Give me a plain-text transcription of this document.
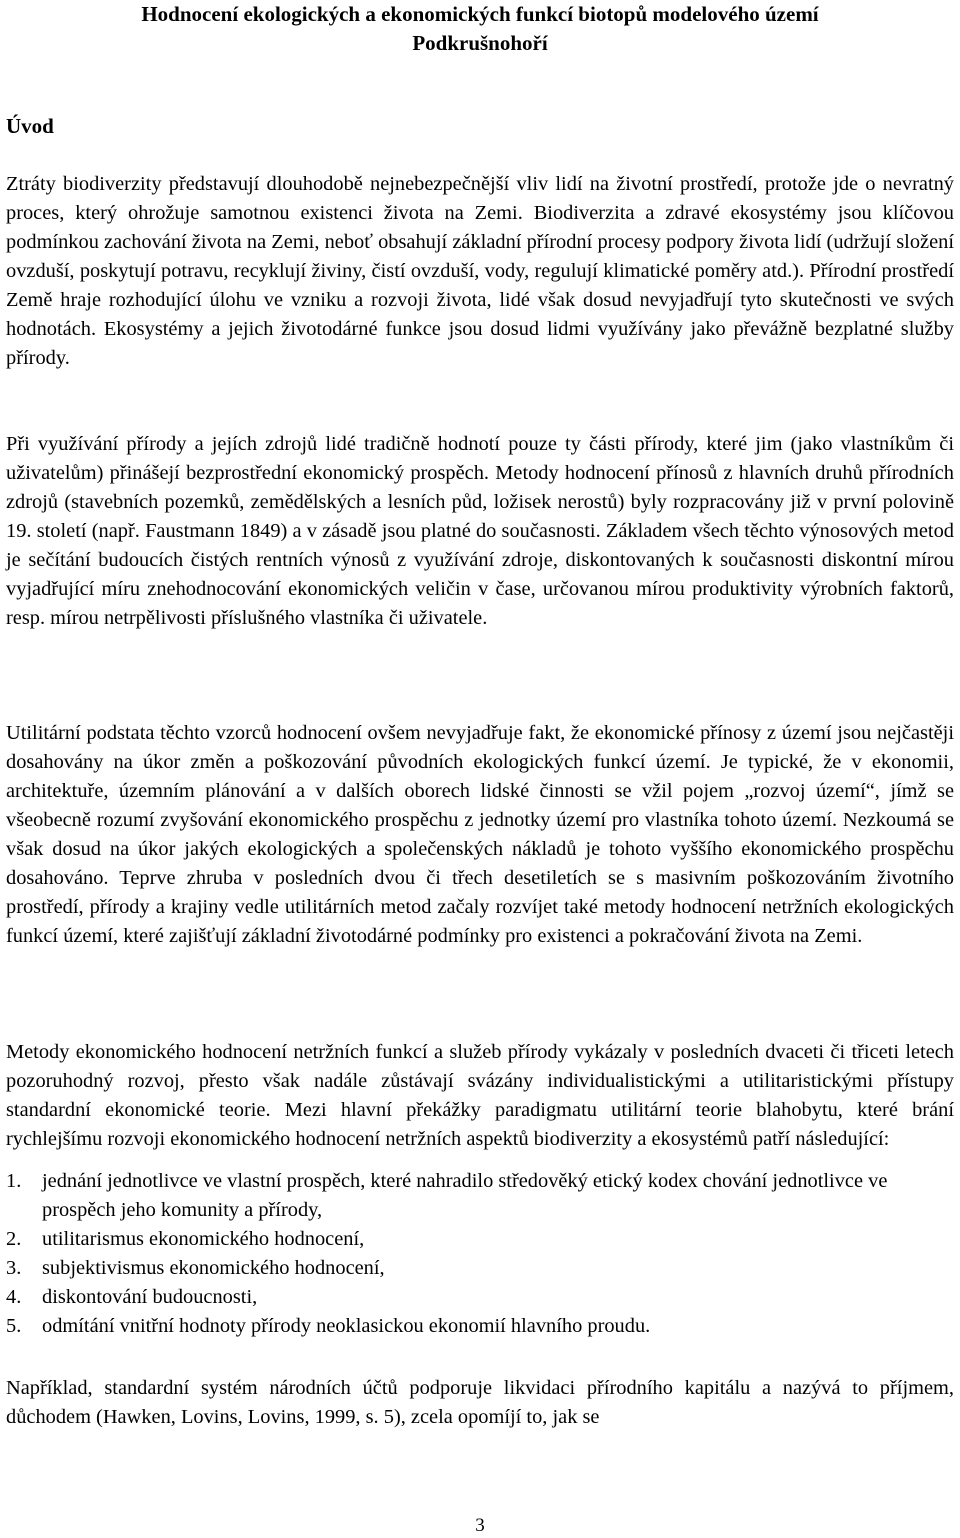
Hodnocení ekologických a ekonomických funkcí biotopů modelového území
Podkrušnohoří
Úvod

Ztráty biodiverzity představují dlouhodobě nejnebezpečnější vliv lidí na životní prostředí, protože jde o nevratný proces, který ohrožuje samotnou existenci života na Zemi. Biodiverzita a zdravé ekosystémy jsou klíčovou podmínkou zachování života na Zemi, neboť obsahují základní přírodní procesy podpory života lidí (udržují složení ovzduší, poskytují potravu, recyklují živiny, čistí ovzduší, vody, regulují klimatické poměry atd.). Přírodní prostředí Země hraje rozhodující úlohu ve vzniku a rozvoji života, lidé však dosud nevyjadřují tyto skutečnosti ve svých hodnotách. Ekosystémy a jejich životodárné funkce jsou dosud lidmi využívány jako převážně bezplatné služby přírody.

Při využívání přírody a jejích zdrojů lidé tradičně hodnotí pouze ty části přírody, které jim (jako vlastníkům či uživatelům) přinášejí bezprostřední ekonomický prospěch. Metody hodnocení přínosů z hlavních druhů přírodních zdrojů (stavebních pozemků, zemědělských a lesních půd, ložisek nerostů) byly rozpracovány již v první polovině 19. století (např. Faustmann 1849) a v zásadě jsou platné do současnosti. Základem všech těchto výnosových metod je sečítání budoucích čistých rentních výnosů z využívání zdroje, diskontovaných k současnosti diskontní mírou vyjadřující míru znehodnocování ekonomických veličin v čase, určovanou mírou produktivity výrobních faktorů, resp. mírou netrpělivosti příslušného vlastníka či uživatele.

Utilitární podstata těchto vzorců hodnocení ovšem nevyjadřuje fakt, že ekonomické přínosy z území jsou nejčastěji dosahovány na úkor změn a poškozování původních ekologických funkcí území. Je typické, že v ekonomii, architektuře, územním plánování a v dalších oborech lidské činnosti se vžil pojem „rozvoj území“, jímž se všeobecně rozumí zvyšování ekonomického prospěchu z jednotky území pro vlastníka tohoto území. Nezkoumá se však dosud na úkor jakých ekologických a společenských nákladů je tohoto vyššího ekonomického prospěchu dosahováno. Teprve zhruba v posledních dvou či třech desetiletích se s masivním poškozováním životního prostředí, přírody a krajiny vedle utilitárních metod začaly rozvíjet také metody hodnocení netržních ekologických funkcí území, které zajišťují základní životodárné podmínky pro existenci a pokračování života na Zemi.

Metody ekonomického hodnocení netržních funkcí a služeb přírody vykázaly v posledních dvaceti či třiceti letech pozoruhodný rozvoj, přesto však nadále zůstávají svázány individualistickými a utilitaristickými přístupy standardní ekonomické teorie. Mezi hlavní překážky paradigmatu utilitární teorie blahobytu, které brání rychlejšímu rozvoji ekonomického hodnocení netržních aspektů biodiverzity a ekosystémů patří následující:

1.	jednání jednotlivce ve vlastní prospěch, které nahradilo středověký etický kodex chování jednotlivce ve prospěch jeho komunity a přírody,
2.	utilitarismus ekonomického hodnocení,
3.	subjektivismus ekonomického hodnocení,
4.	diskontování budoucnosti,
5.	odmítání vnitřní hodnoty přírody neoklasickou ekonomií hlavního proudu.

Například, standardní systém národních účtů podporuje likvidaci přírodního kapitálu a nazývá to příjmem, důchodem (Hawken, Lovins, Lovins, 1999, s. 5), zcela opomíjí to, jak se

3
